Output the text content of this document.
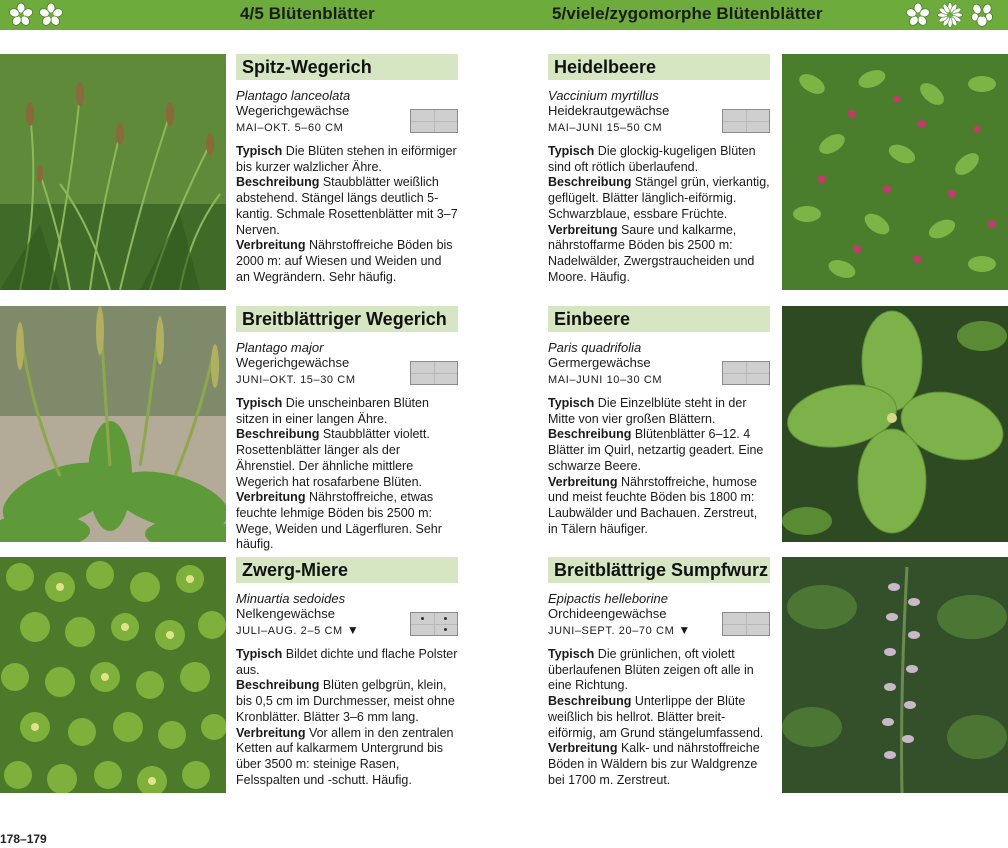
4/5 Blütenblätter	5/viele/zygomorphe Blütenblätter
Spitz-Wegerich
Plantago lanceolata
Wegerichgewächse
MAI–OKT. 5–60 CM

Typisch Die Blüten stehen in eiförmiger bis kurzer walzlicher Ähre.

Beschreibung Staubblätter weißlich abstehend. Stängel längs deutlich 5-kantig. Schmale Rosettenblätter mit 3–7 Nerven.

Verbreitung Nährstoffreiche Böden bis 2000 m: auf Wiesen und Weiden und an Wegrändern. Sehr häufig.

Breitblättriger Wegerich
Plantago major
Wegerichgewächse
JUNI–OKT. 15–30 CM

Typisch Die unscheinbaren Blüten sitzen in einer langen Ähre.

Beschreibung Staubblätter violett. Rosettenblätter länger als der Ährenstiel. Der ähnliche mittlere Wegerich hat rosafarbene Blüten.

Verbreitung Nährstoffreiche, etwas feuchte lehmige Böden bis 2500 m: Wege, Weiden und Lägerfluren. Sehr häufig.

Zwerg-Miere
Minuartia sedoides
Nelkengewächse
JULI–AUG. 2–5 CM ▼

Typisch Bildet dichte und flache Polster aus.

Beschreibung Blüten gelbgrün, klein, bis 0,5 cm im Durchmesser, meist ohne Kronblätter. Blätter 3–6 mm lang.

Verbreitung Vor allem in den zentralen Ketten auf kalkarmem Untergrund bis über 3500 m: steinige Rasen, Felsspalten und -schutt. Häufig.

Heidelbeere
Vaccinium myrtillus
Heidekrautgewächse
MAI–JUNI 15–50 CM

Typisch Die glockig-kugeligen Blüten sind oft rötlich überlaufend.

Beschreibung Stängel grün, vierkantig, geflügelt. Blätter länglich-eiförmig. Schwarzblaue, essbare Früchte.

Verbreitung Saure und kalkarme, nährstoffarme Böden bis 2500 m: Nadelwälder, Zwergstraucheiden und Moore. Häufig.

Einbeere
Paris quadrifolia
Germergewächse
MAI–JUNI 10–30 CM

Typisch Die Einzelblüte steht in der Mitte von vier großen Blättern.

Beschreibung Blütenblätter 6–12. 4 Blätter im Quirl, netzartig geadert. Eine schwarze Beere.

Verbreitung Nährstoffreiche, humose und meist feuchte Böden bis 1800 m: Laubwälder und Bachauen. Zerstreut, in Tälern häufiger.

Breitblättrige Sumpfwurz
Epipactis helleborine
Orchideengewächse
JUNI–SEPT. 20–70 CM ▼

Typisch Die grünlichen, oft violett überlaufenen Blüten zeigen oft alle in eine Richtung.

Beschreibung Unterlippe der Blüte weißlich bis hellrot. Blätter breit-eiförmig, am Grund stängelumfassend.

Verbreitung Kalk- und nährstoffreiche Böden in Wäldern bis zur Waldgrenze bei 1700 m. Zerstreut.

178–179
